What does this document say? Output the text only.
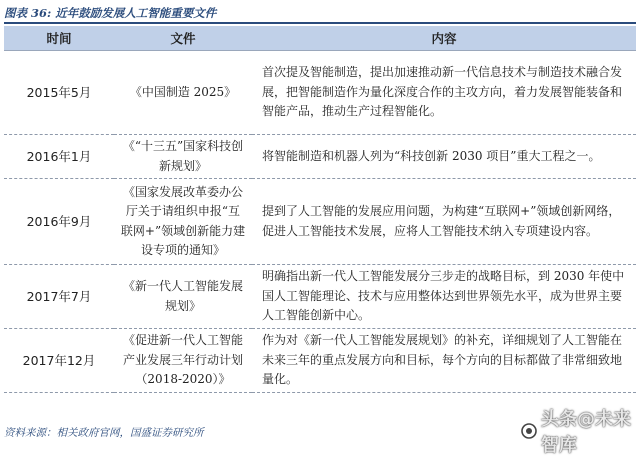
图表 36: 近年鼓励发展人工智能重要文件
时间	文件	内容
2015年5月	《中国制造 2025》	首次提及智能制造，提出加速推动新一代信息技术与制造技术融合发展，把智能制造作为量化深度合作的主攻方向，着力发展智能装备和智能产品，推动生产过程智能化。
2016年1月	《“十三五”国家科技创新规划》	将智能制造和机器人列为“科技创新 2030 项目”重大工程之一。
2016年9月	《国家发展改革委办公厅关于请组织申报“互联网+”领域创新能力建设专项的通知》	提到了人工智能的发展应用问题，为构建“互联网+”领域创新网络，促进人工智能技术发展，应将人工智能技术纳入专项建设内容。
2017年7月	《新一代人工智能发展规划》	明确指出新一代人工智能发展分三步走的战略目标，到 2030 年使中国人工智能理论、技术与应用整体达到世界领先水平，成为世界主要人工智能创新中心。
2017年12月	《促进新一代人工智能产业发展三年行动计划（2018-2020）》	作为对《新一代人工智能发展规划》的补充，详细规划了人工智能在未来三年的重点发展方向和目标，每个方向的目标都做了非常细致地量化。
资料来源：相关政府官网，国盛证券研究所
头条@未来智库
